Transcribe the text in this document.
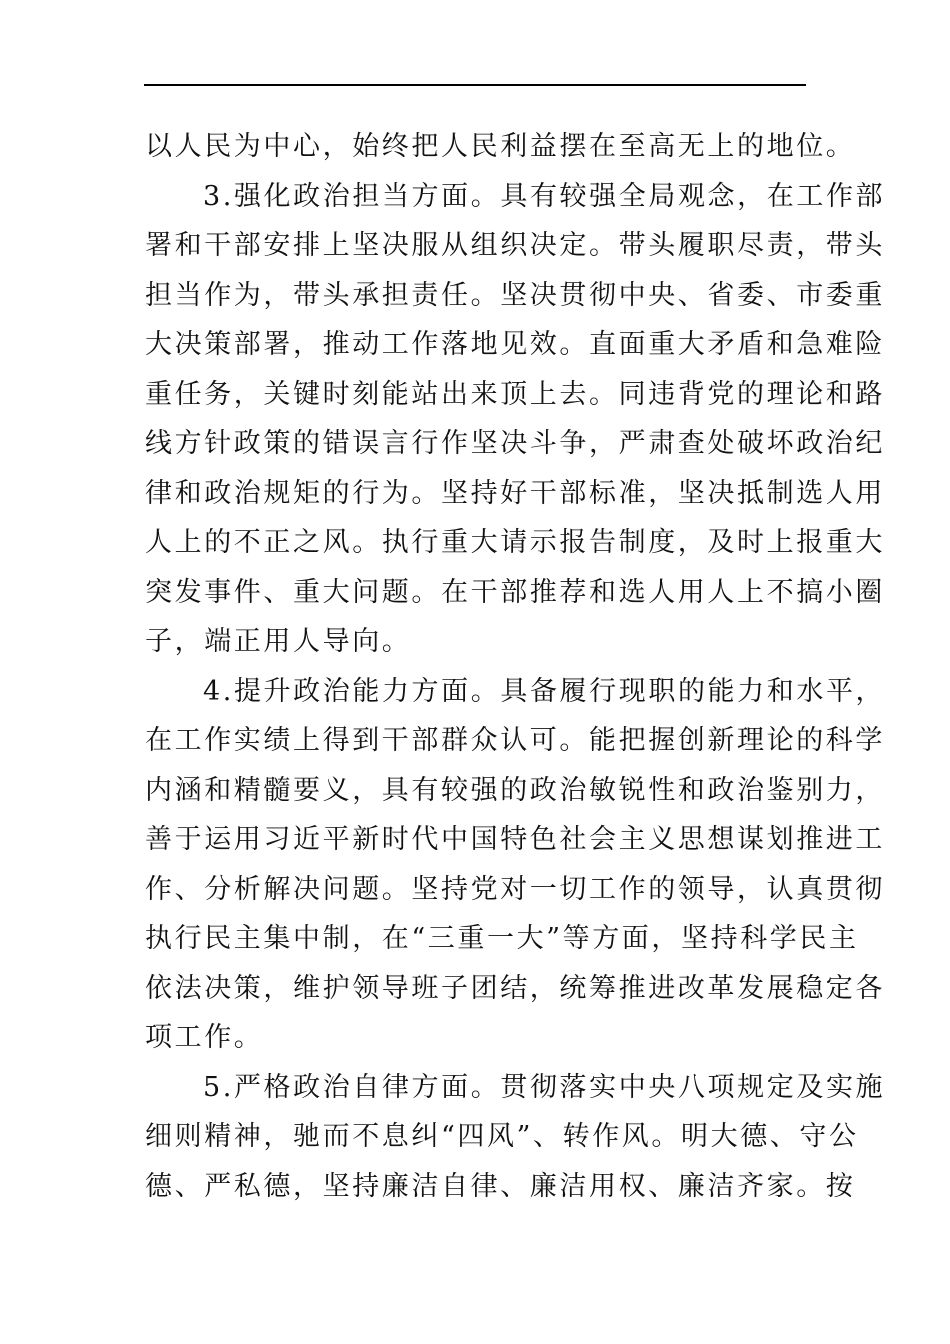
以人民为中心，始终把人民利益摆在至高无上的地位。

3.强化政治担当方面。具有较强全局观念，在工作部

署和干部安排上坚决服从组织决定。带头履职尽责，带头

担当作为，带头承担责任。坚决贯彻中央、省委、市委重

大决策部署，推动工作落地见效。直面重大矛盾和急难险

重任务，关键时刻能站出来顶上去。同违背党的理论和路

线方针政策的错误言行作坚决斗争，严肃查处破坏政治纪

律和政治规矩的行为。坚持好干部标准，坚决抵制选人用

人上的不正之风。执行重大请示报告制度，及时上报重大

突发事件、重大问题。在干部推荐和选人用人上不搞小圈

子，端正用人导向。

4.提升政治能力方面。具备履行现职的能力和水平，

在工作实绩上得到干部群众认可。能把握创新理论的科学

内涵和精髓要义，具有较强的政治敏锐性和政治鉴别力，

善于运用习近平新时代中国特色社会主义思想谋划推进工

作、分析解决问题。坚持党对一切工作的领导，认真贯彻

执行民主集中制，在“三重一大”等方面，坚持科学民主

依法决策，维护领导班子团结，统筹推进改革发展稳定各

项工作。

5.严格政治自律方面。贯彻落实中央八项规定及实施

细则精神，驰而不息纠“四风”、转作风。明大德、守公

德、严私德，坚持廉洁自律、廉洁用权、廉洁齐家。按
